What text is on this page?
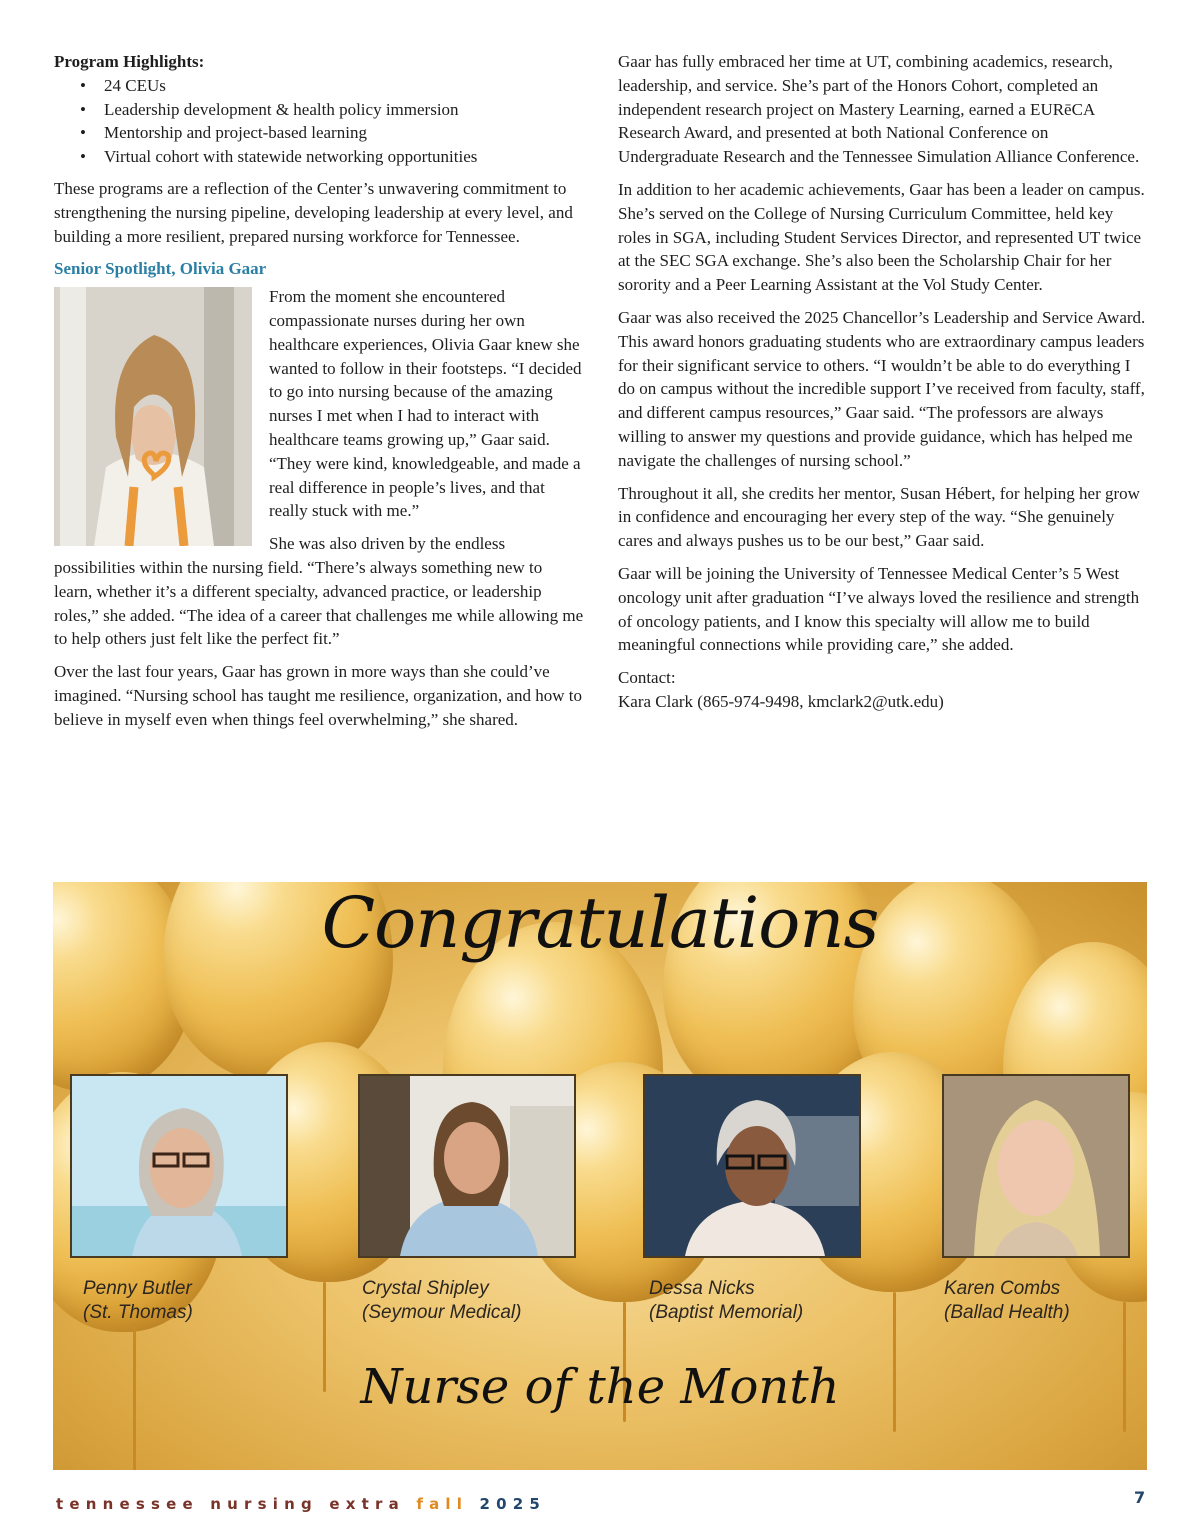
Program Highlights:
• 24 CEUs
• Leadership development & health policy immersion
• Mentorship and project-based learning
• Virtual cohort with statewide networking opportunities

These programs are a reflection of the Center’s unwavering commitment to strengthening the nursing pipeline, developing leadership at every level, and building a more resilient, prepared nursing workforce for Tennessee.

Senior Spotlight, Olivia Gaar

From the moment she encountered compassionate nurses during her own healthcare experiences, Olivia Gaar knew she wanted to follow in their footsteps. “I decided to go into nursing because of the amazing nurses I met when I had to interact with healthcare teams growing up,” Gaar said. “They were kind, knowledgeable, and made a real difference in people’s lives, and that really stuck with me.”

She was also driven by the endless possibilities within the nursing field. “There’s always something new to learn, whether it’s a different specialty, advanced practice, or leadership roles,” she added. “The idea of a career that challenges me while allowing me to help others just felt like the perfect fit.”

Over the last four years, Gaar has grown in more ways than she could’ve imagined. “Nursing school has taught me resilience, organization, and how to believe in myself even when things feel overwhelming,” she shared.

Gaar has fully embraced her time at UT, combining academics, research, leadership, and service. She’s part of the Honors Cohort, completed an independent research project on Mastery Learning, earned a EURēCA Research Award, and presented at both National Conference on Undergraduate Research and the Tennessee Simulation Alliance Conference.

In addition to her academic achievements, Gaar has been a leader on campus. She’s served on the College of Nursing Curriculum Committee, held key roles in SGA, including Student Services Director, and represented UT twice at the SEC SGA exchange. She’s also been the Scholarship Chair for her sorority and a Peer Learning Assistant at the Vol Study Center.

Gaar was also received the 2025 Chancellor’s Leadership and Service Award. This award honors graduating students who are extraordinary campus leaders for their significant service to others. “I wouldn’t be able to do everything I do on campus without the incredible support I’ve received from faculty, staff, and different campus resources,” Gaar said. “The professors are always willing to answer my questions and provide guidance, which has helped me navigate the challenges of nursing school.”

Throughout it all, she credits her mentor, Susan Hébert, for helping her grow in confidence and encouraging her every step of the way. “She genuinely cares and always pushes us to be our best,” Gaar said.

Gaar will be joining the University of Tennessee Medical Center’s 5 West oncology unit after graduation “I’ve always loved the resilience and strength of oncology patients, and I know this specialty will allow me to build meaningful connections while providing care,” she added.

Contact:
Kara Clark (865-974-9498, kmclark2@utk.edu)
Congratulations
Penny Butler
(St. Thomas)
Crystal Shipley
(Seymour Medical)
Dessa Nicks
(Baptist Memorial)
Karen Combs
(Ballad Health)
Nurse of the Month
tennessee nursing extra fall 2025	7
